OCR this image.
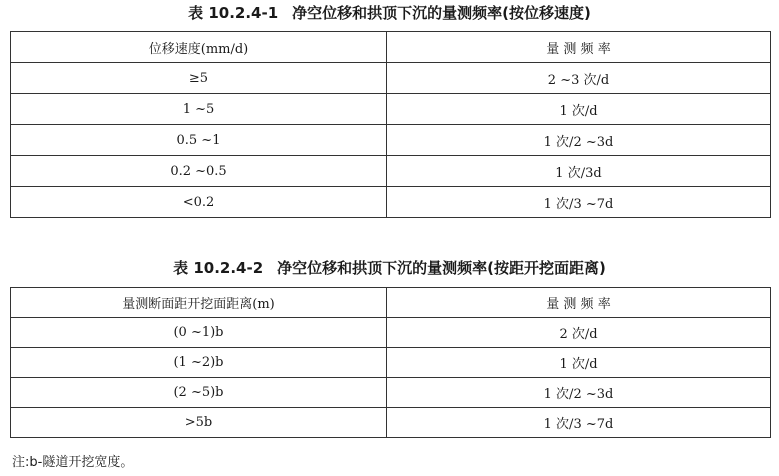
表 10.2.4-1 净空位移和拱顶下沉的量测频率(按位移速度)
位移速度(mm/d)	量 测 频 率
≥5	2 ~3 次/d
1 ~5	1 次/d
0.5 ~1	1 次/2 ~3d
0.2 ~0.5	1 次/3d
<0.2	1 次/3 ~7d
表 10.2.4-2 净空位移和拱顶下沉的量测频率(按距开挖面距离)
量测断面距开挖面距离(m)	量 测 频 率
(0 ~1)b	2 次/d
(1 ~2)b	1 次/d
(2 ~5)b	1 次/2 ~3d
>5b	1 次/3 ~7d
注:b-隧道开挖宽度。
